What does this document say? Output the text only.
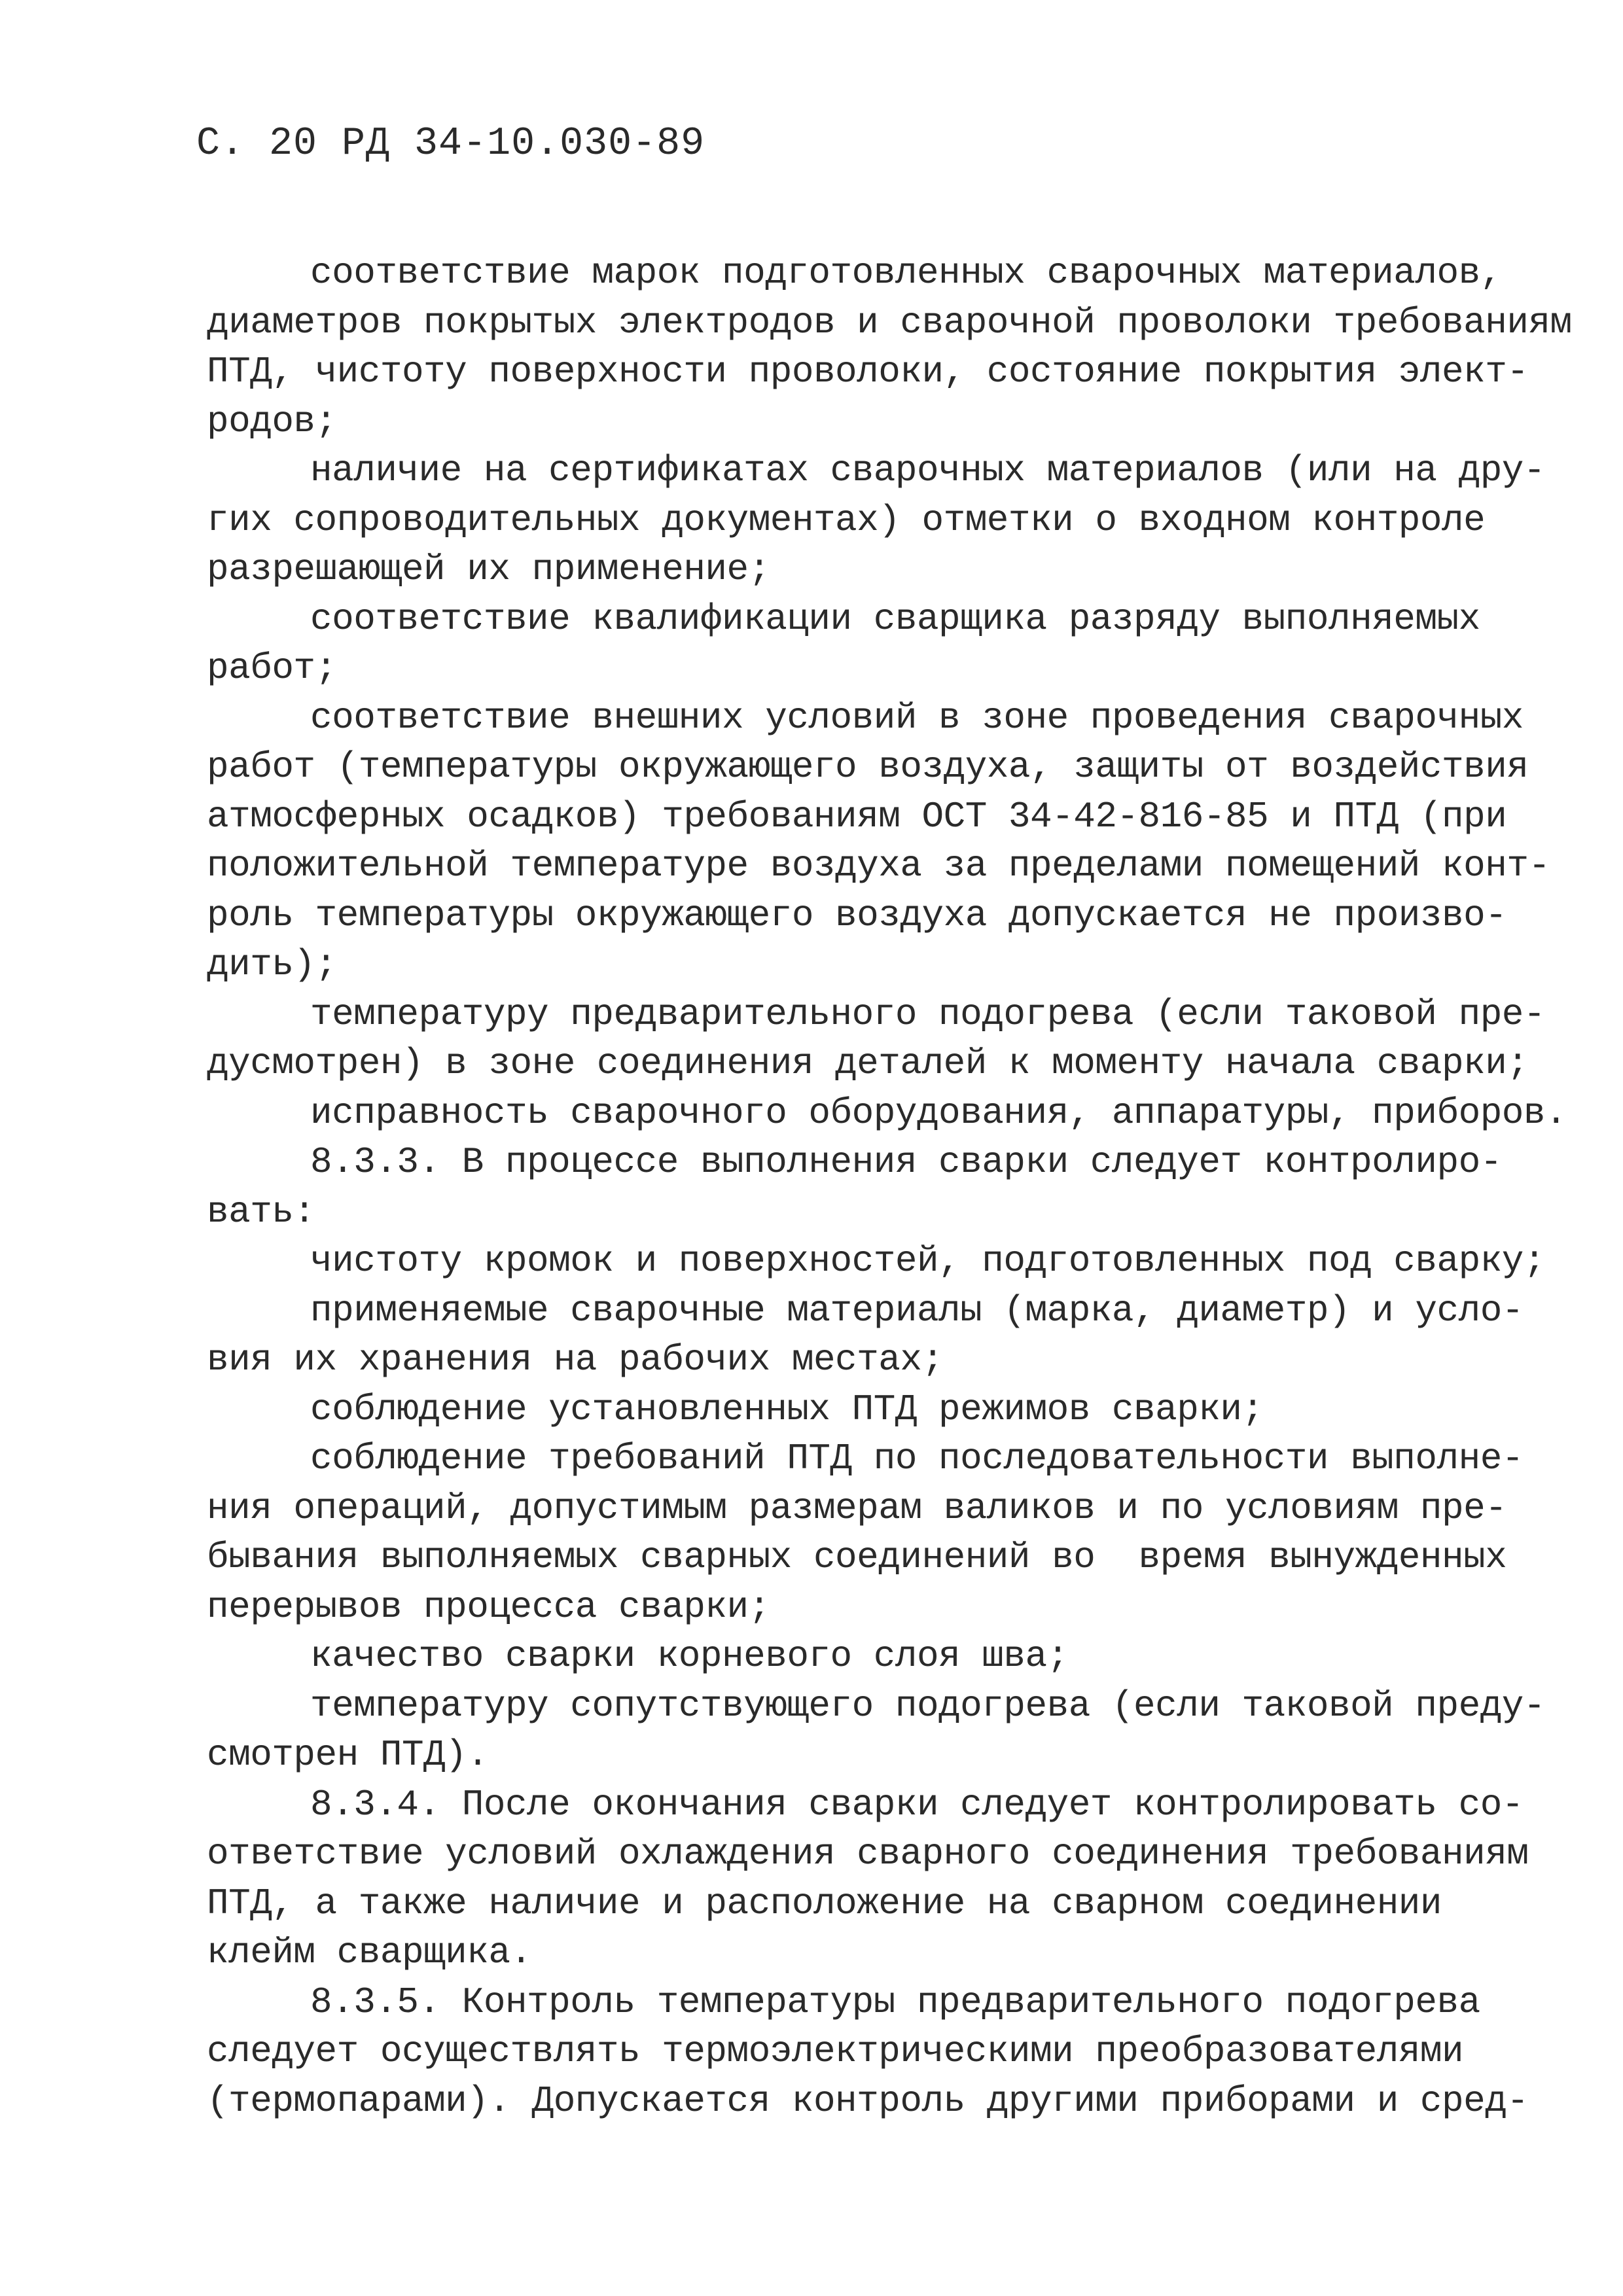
С. 20 РД 34-10.030-89
соответствие марок подготовленных сварочных материалов,
диаметров покрытых электродов и сварочной проволоки требованиям
ПТД, чистоту поверхности проволоки, состояние покрытия элект-
родов;
наличие на сертификатах сварочных материалов (или на дру-
гих сопроводительных документах) отметки о входном контроле
разрешающей их применение;
соответствие квалификации сварщика разряду выполняемых
работ;
соответствие внешних условий в зоне проведения сварочных
работ (температуры окружающего воздуха, защиты от воздействия
атмосферных осадков) требованиям ОСТ 34-42-816-85 и ПТД (при
положительной температуре воздуха за пределами помещений конт-
роль температуры окружающего воздуха допускается не произво-
дить);
температуру предварительного подогрева (если таковой пре-
дусмотрен) в зоне соединения деталей к моменту начала сварки;
исправность сварочного оборудования, аппаратуры, приборов.
8.3.3. В процессе выполнения сварки следует контролиро-
вать:
чистоту кромок и поверхностей, подготовленных под сварку;
применяемые сварочные материалы (марка, диаметр) и усло-
вия их хранения на рабочих местах;
соблюдение установленных ПТД режимов сварки;
соблюдение требований ПТД по последовательности выполне-
ния операций, допустимым размерам валиков и по условиям пре-
бывания выполняемых сварных соединений во  время вынужденных
перерывов процесса сварки;
качество сварки корневого слоя шва;
температуру сопутствующего подогрева (если таковой преду-
смотрен ПТД).
8.3.4. После окончания сварки следует контролировать со-
ответствие условий охлаждения сварного соединения требованиям
ПТД, а также наличие и расположение на сварном соединении
клейм сварщика.
8.3.5. Контроль температуры предварительного подогрева
следует осуществлять термоэлектрическими преобразователями
(термопарами). Допускается контроль другими приборами и сред-
